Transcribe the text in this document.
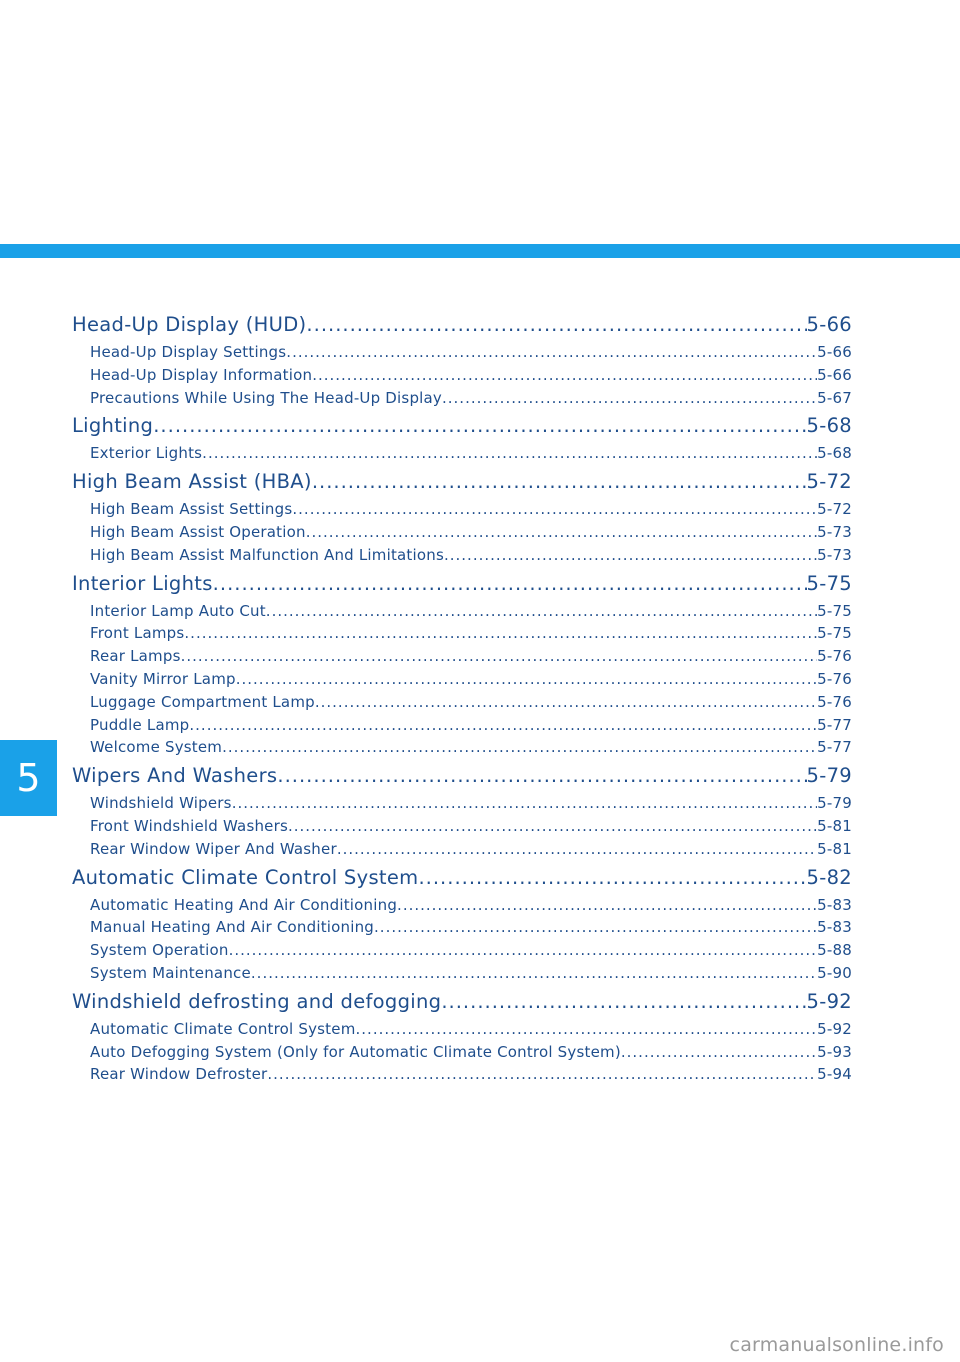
5
Head-Up Display (HUD) .....	5-66
Head-Up Display Settings .....	5-66
Head-Up Display Information .....	5-66
Precautions While Using The Head-Up Display .....	5-67
Lighting .....	5-68
Exterior Lights .....	5-68
High Beam Assist (HBA) .....	5-72
High Beam Assist Settings .....	5-72
High Beam Assist Operation .....	5-73
High Beam Assist Malfunction And Limitations .....	5-73
Interior Lights .....	5-75
Interior Lamp Auto Cut .....	5-75
Front Lamps .....	5-75
Rear Lamps .....	5-76
Vanity Mirror Lamp .....	5-76
Luggage Compartment Lamp .....	5-76
Puddle Lamp .....	5-77
Welcome System .....	5-77
Wipers And Washers .....	5-79
Windshield Wipers .....	5-79
Front Windshield Washers .....	5-81
Rear Window Wiper And Washer .....	5-81
Automatic Climate Control System .....	5-82
Automatic Heating And Air Conditioning .....	5-83
Manual Heating And Air Conditioning .....	5-83
System Operation .....	5-88
System Maintenance .....	5-90
Windshield defrosting and defogging .....	5-92
Automatic Climate Control System .....	5-92
Auto Defogging System (Only for Automatic Climate Control System) .....	5-93
Rear Window Defroster .....	5-94
carmanualsonline.info
